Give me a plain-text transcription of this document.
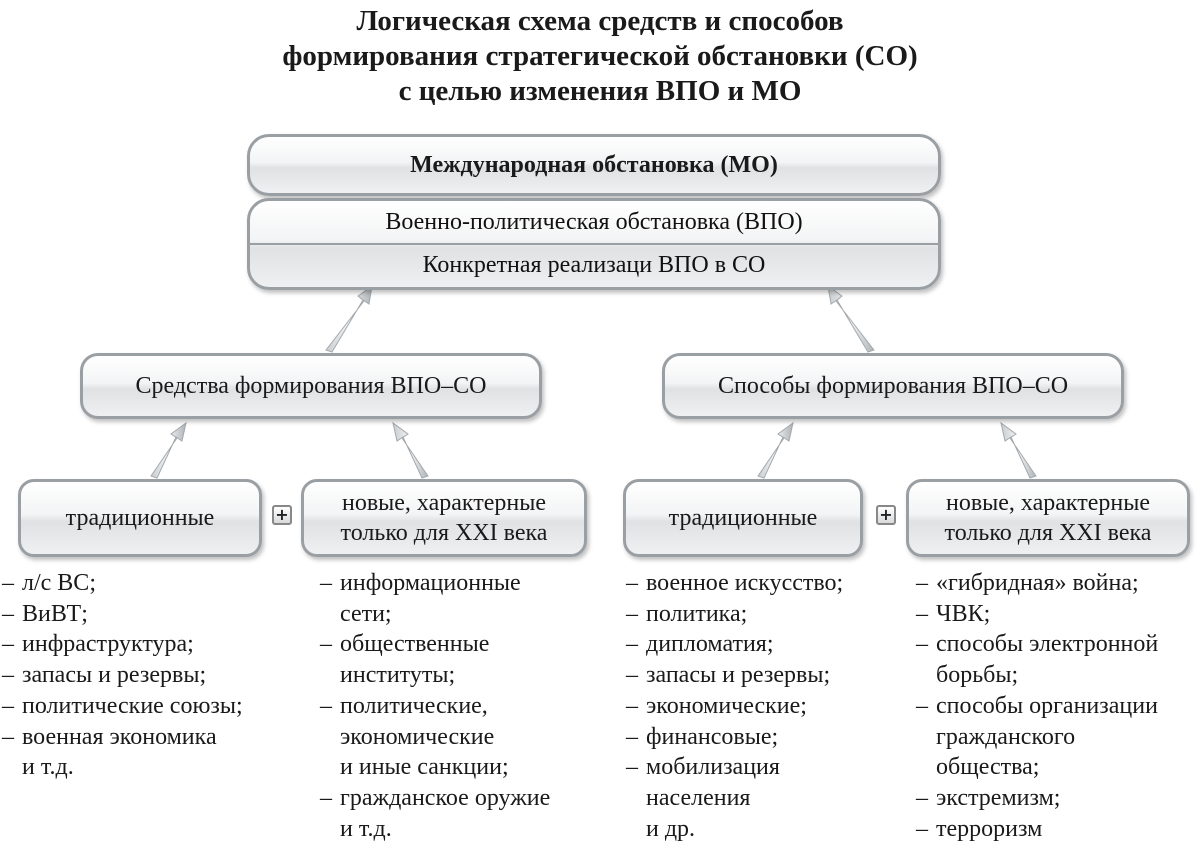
Логическая схема средств и способов
формирования стратегической обстановки (СО)
с целью изменения ВПО и МО
Международная обстановка (МО)
Военно-политическая обстановка (ВПО)
Конкретная реализаци ВПО в СО
Средства формирования ВПО–СО	Способы формирования ВПО–СО
традиционные	+ новые, характерные
только для XXI века
традиционные	+ новые, характерные
только для XXI века
– л/с ВС;
– ВиВТ;
– инфраструктура;
– запасы и резервы;
– политические союзы;
– военная экономика
и т.д.
– информационные
сети;
– общественные
институты;
– политические,
экономические
и иные санкции;
– гражданское оружие
и т.д.
– военное искусство;
– политика;
– дипломатия;
– запасы и резервы;
– экономические;
– финансовые;
– мобилизация
населения
и др.
– «гибридная» война;
– ЧВК;
– способы электронной
борьбы;
– способы организации
гражданского
общества;
– экстремизм;
– терроризм
